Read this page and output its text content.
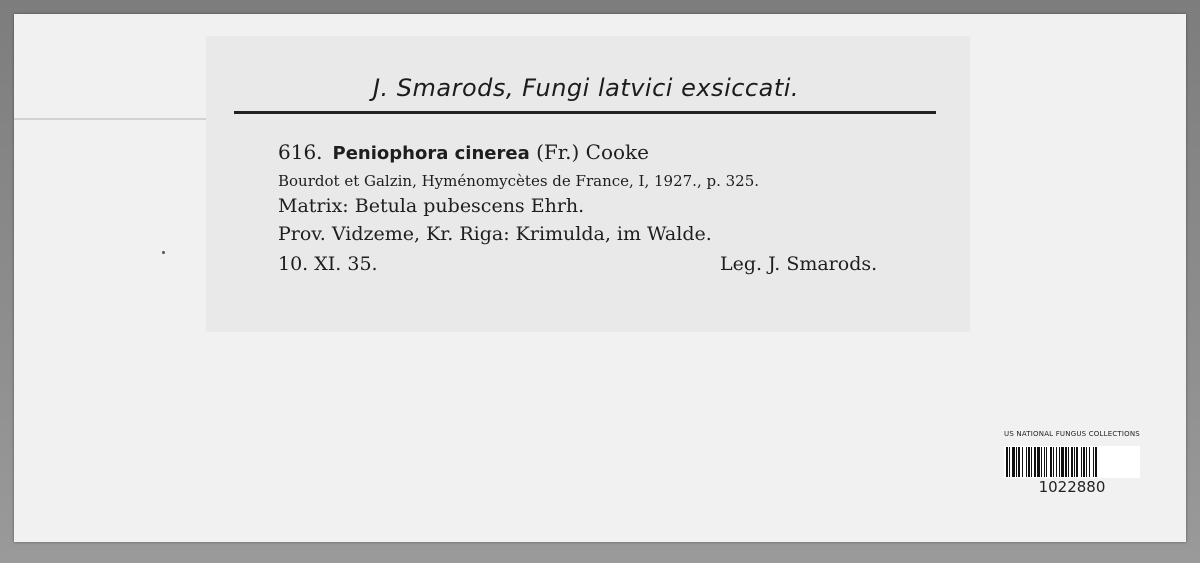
J. Smarods, Fungi latvici exsiccati.
616. Peniophora cinerea (Fr.) Cooke
Bourdot et Galzin, Hyménomycètes de France, I, 1927., p. 325.
Matrix: Betula pubescens Ehrh.
Prov. Vidzeme, Kr. Riga: Krimulda, im Walde.
10. XI. 35.	Leg. J. Smarods.
US NATIONAL FUNGUS COLLECTIONS
1022880
